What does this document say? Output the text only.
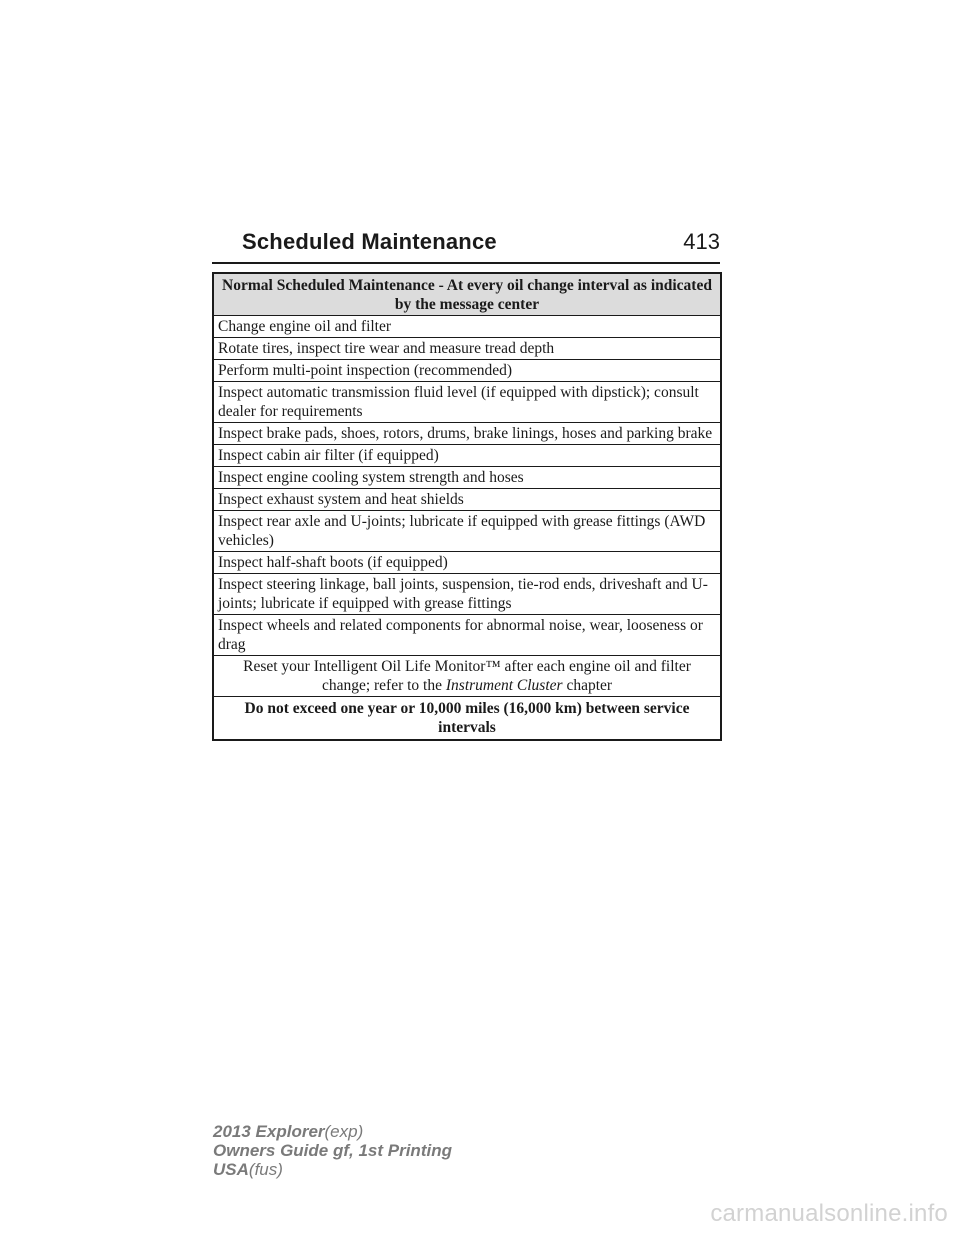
Scheduled Maintenance	413
Normal Scheduled Maintenance - At every oil change interval as indicated by the message center
Change engine oil and filter
Rotate tires, inspect tire wear and measure tread depth
Perform multi-point inspection (recommended)
Inspect automatic transmission fluid level (if equipped with dipstick); consult dealer for requirements
Inspect brake pads, shoes, rotors, drums, brake linings, hoses and parking brake
Inspect cabin air filter (if equipped)
Inspect engine cooling system strength and hoses
Inspect exhaust system and heat shields
Inspect rear axle and U-joints; lubricate if equipped with grease fittings (AWD vehicles)
Inspect half-shaft boots (if equipped)
Inspect steering linkage, ball joints, suspension, tie-rod ends, driveshaft and U-joints; lubricate if equipped with grease fittings
Inspect wheels and related components for abnormal noise, wear, looseness or drag
Reset your Intelligent Oil Life Monitor™ after each engine oil and filter change; refer to the Instrument Cluster chapter
Do not exceed one year or 10,000 miles (16,000 km) between service intervals
2013 Explorer(exp)
Owners Guide gf, 1st Printing
USA(fus)
carmanualsonline.info
